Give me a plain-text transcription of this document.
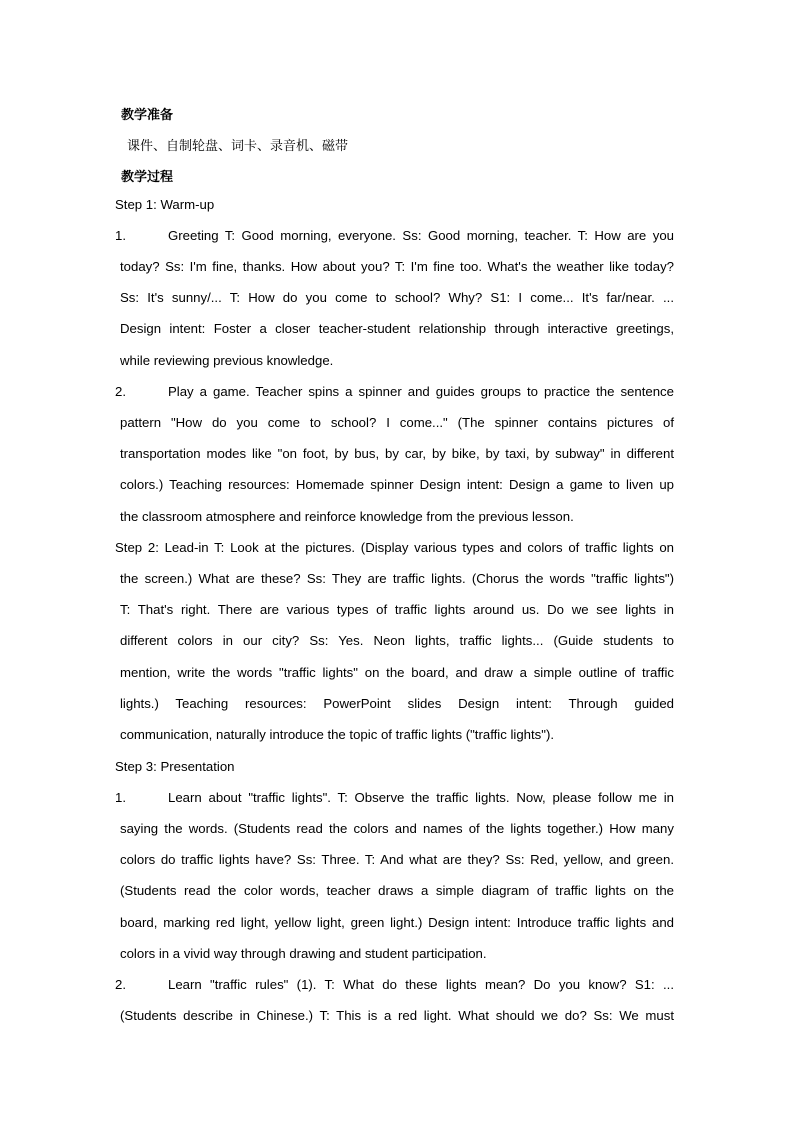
教学准备
课件、自制轮盘、词卡、录音机、磁带
教学过程
Step 1: Warm-up
1.	Greeting T: Good morning, everyone. Ss: Good morning, teacher. T: How are you
today? Ss: I'm fine, thanks. How about you? T: I'm fine too. What's the weather like today?
Ss: It's sunny/... T: How do you come to school? Why? S1: I come... It's far/near. ...
Design intent: Foster a closer teacher-student relationship through interactive greetings,
while reviewing previous knowledge.
2.	Play a game. Teacher spins a spinner and guides groups to practice the sentence
pattern "How do you come to school? I come..." (The spinner contains pictures of
transportation modes like "on foot, by bus, by car, by bike, by taxi, by subway" in different
colors.) Teaching resources: Homemade spinner Design intent: Design a game to liven up
the classroom atmosphere and reinforce knowledge from the previous lesson.
Step 2: Lead-in T: Look at the pictures. (Display various types and colors of traffic lights on
the screen.) What are these? Ss: They are traffic lights. (Chorus the words "traffic lights")
T: That's right. There are various types of traffic lights around us. Do we see lights in
different colors in our city? Ss: Yes. Neon lights, traffic lights... (Guide students to
mention, write the words "traffic lights" on the board, and draw a simple outline of traffic
lights.) Teaching resources: PowerPoint slides Design intent: Through guided
communication, naturally introduce the topic of traffic lights ("traffic lights").
Step 3: Presentation
1.	Learn about "traffic lights". T: Observe the traffic lights. Now, please follow me in
saying the words. (Students read the colors and names of the lights together.) How many
colors do traffic lights have? Ss: Three. T: And what are they? Ss: Red, yellow, and green.
(Students read the color words, teacher draws a simple diagram of traffic lights on the
board, marking red light, yellow light, green light.) Design intent: Introduce traffic lights and
colors in a vivid way through drawing and student participation.
2.	Learn "traffic rules" (1). T: What do these lights mean? Do you know? S1: ...
(Students describe in Chinese.) T: This is a red light. What should we do? Ss: We must
